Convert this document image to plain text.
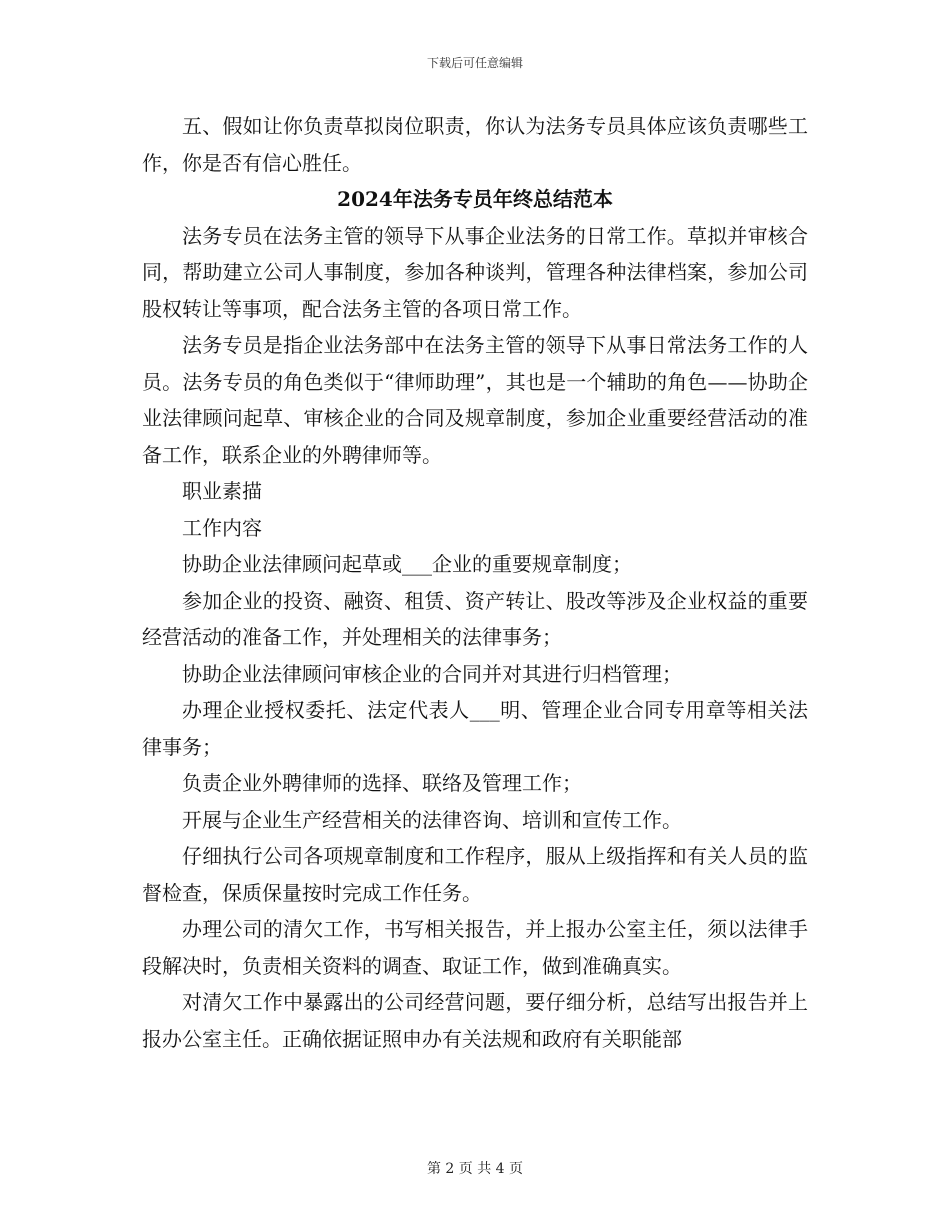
下载后可任意编辑

五、假如让你负责草拟岗位职责，你认为法务专员具体应该负责哪些工作，你是否有信心胜任。

2024年法务专员年终总结范本

法务专员在法务主管的领导下从事企业法务的日常工作。草拟并审核合同，帮助建立公司人事制度，参加各种谈判，管理各种法律档案，参加公司股权转让等事项，配合法务主管的各项日常工作。

法务专员是指企业法务部中在法务主管的领导下从事日常法务工作的人员。法务专员的角色类似于“律师助理”，其也是一个辅助的角色——协助企业法律顾问起草、审核企业的合同及规章制度，参加企业重要经营活动的准备工作，联系企业的外聘律师等。

职业素描

工作内容

协助企业法律顾问起草或___企业的重要规章制度；

参加企业的投资、融资、租赁、资产转让、股改等涉及企业权益的重要经营活动的准备工作，并处理相关的法律事务；

协助企业法律顾问审核企业的合同并对其进行归档管理；

办理企业授权委托、法定代表人___明、管理企业合同专用章等相关法律事务；

负责企业外聘律师的选择、联络及管理工作；

开展与企业生产经营相关的法律咨询、培训和宣传工作。

仔细执行公司各项规章制度和工作程序，服从上级指挥和有关人员的监督检查，保质保量按时完成工作任务。

办理公司的清欠工作，书写相关报告，并上报办公室主任，须以法律手段解决时，负责相关资料的调查、取证工作，做到准确真实。

对清欠工作中暴露出的公司经营问题，要仔细分析，总结写出报告并上报办公室主任。正确依据证照申办有关法规和政府有关职能部

第 2 页 共 4 页
